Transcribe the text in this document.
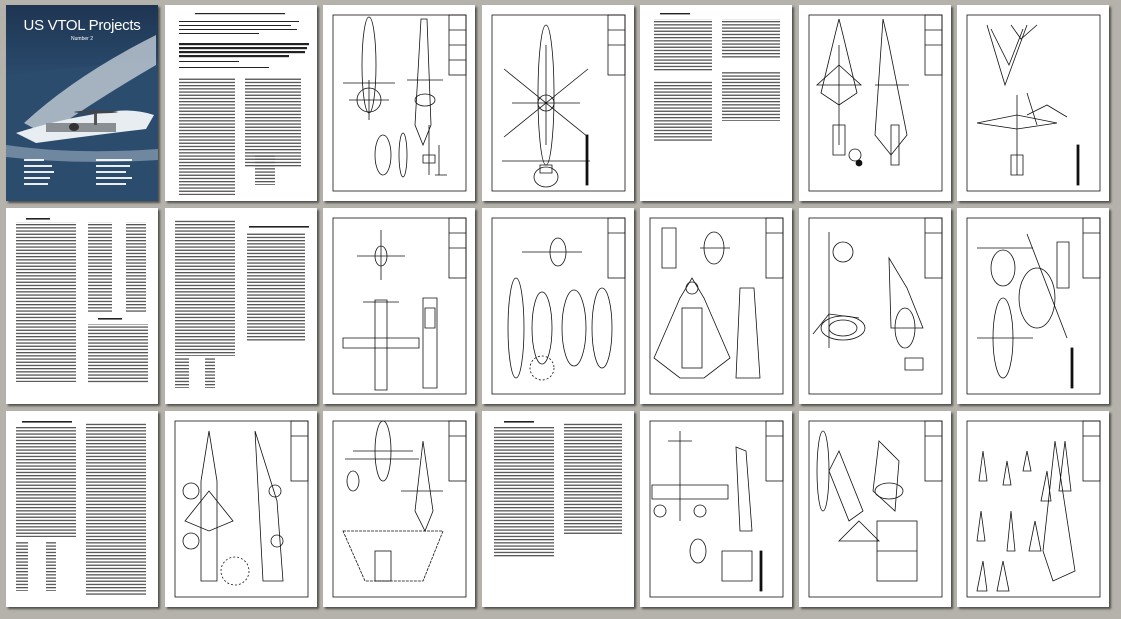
US VTOL Projects
Number 2
